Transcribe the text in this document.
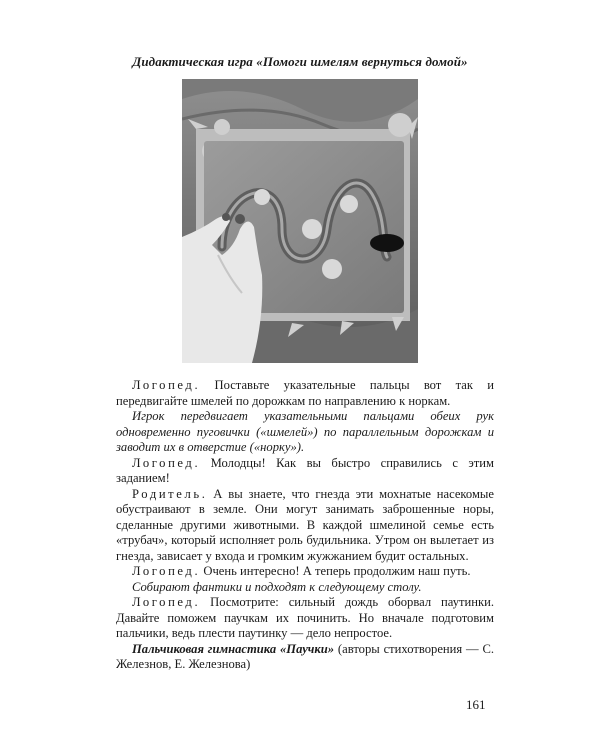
Дидактическая игра «Помоги шмелям вернуться домой»

Логопед. Поставьте указательные пальцы вот так и передвигайте шмелей по дорожкам по направлению к норкам.

Игрок передвигает указательными пальцами обеих рук одновременно пуговички («шмелей») по параллельным дорожкам и заводит их в отверстие («норку»).

Логопед. Молодцы! Как вы быстро справились с этим заданием!

Родитель. А вы знаете, что гнезда эти мохнатые насекомые обустраивают в земле. Они могут занимать заброшенные норы, сделанные другими животными. В каждой шмелиной семье есть «трубач», который исполняет роль будильника. Утром он вылетает из гнезда, зависает у входа и громким жужжанием будит остальных.

Логопед. Очень интересно! А теперь продолжим наш путь.

Собирают фантики и подходят к следующему столу.

Логопед. Посмотрите: сильный дождь оборвал паутинки. Давайте поможем паучкам их починить. Но вначале подготовим пальчики, ведь плести паутинку — дело непростое.

Пальчиковая гимнастика «Паучки» (авторы стихотворения — С. Железнов, Е. Железнова)

161
